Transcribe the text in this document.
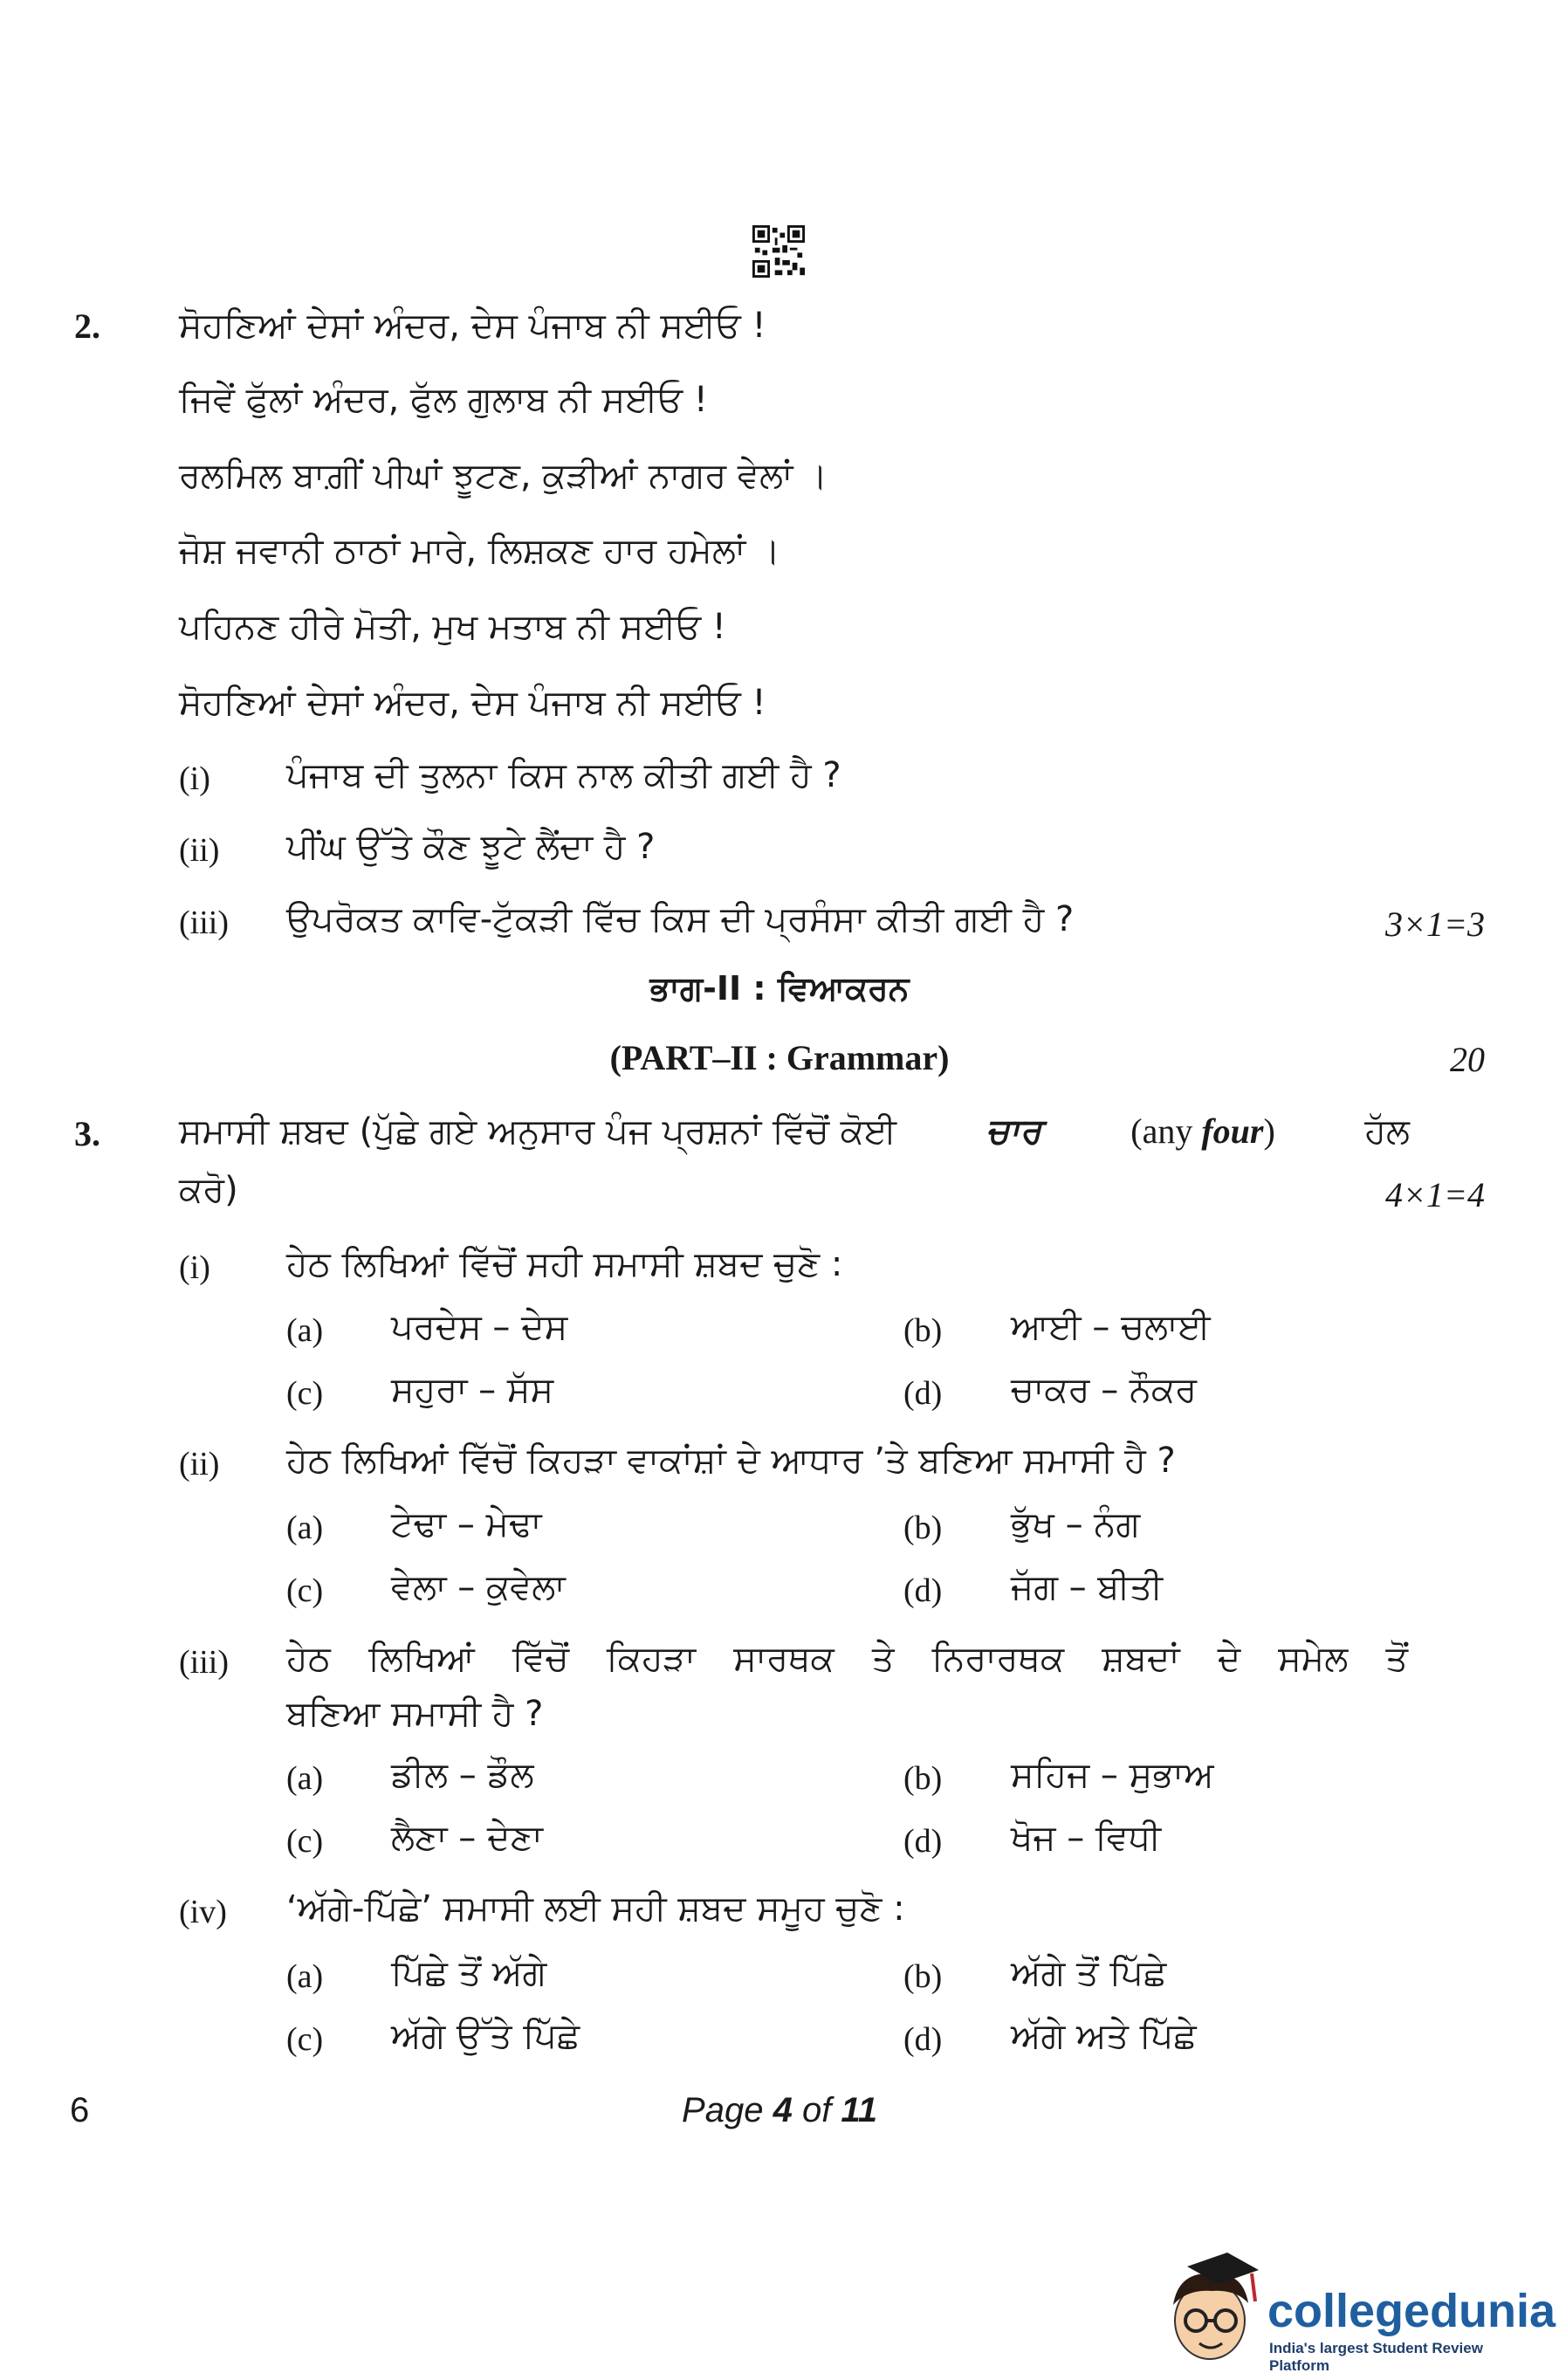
2. ਸੋਹਣਿਆਂ ਦੇਸਾਂ ਅੰਦਰ, ਦੇਸ ਪੰਜਾਬ ਨੀ ਸਈਓ !
ਜਿਵੇਂ ਫੁੱਲਾਂ ਅੰਦਰ, ਫੁੱਲ ਗੁਲਾਬ ਨੀ ਸਈਓ !
ਰਲਮਿਲ ਬਾਗ਼ੀਂ ਪੀਘਾਂ ਝੂਟਣ, ਕੁੜੀਆਂ ਨਾਗਰ ਵੇਲਾਂ ।
ਜੋਸ਼ ਜਵਾਨੀ ਠਾਠਾਂ ਮਾਰੇ, ਲਿਸ਼ਕਣ ਹਾਰ ਹਮੇਲਾਂ ।
ਪਹਿਨਣ ਹੀਰੇ ਮੋਤੀ, ਮੁਖ ਮਤਾਬ ਨੀ ਸਈਓ !
ਸੋਹਣਿਆਂ ਦੇਸਾਂ ਅੰਦਰ, ਦੇਸ ਪੰਜਾਬ ਨੀ ਸਈਓ !
(i) ਪੰਜਾਬ ਦੀ ਤੁਲਨਾ ਕਿਸ ਨਾਲ ਕੀਤੀ ਗਈ ਹੈ ?
(ii) ਪੀਂਘ ਉੱਤੇ ਕੌਣ ਝੂਟੇ ਲੈਂਦਾ ਹੈ ?
(iii) ਉਪਰੋਕਤ ਕਾਵਿ-ਟੁੱਕੜੀ ਵਿੱਚ ਕਿਸ ਦੀ ਪ੍ਰਸੰਸਾ ਕੀਤੀ ਗਈ ਹੈ ?	3×1=3
ਭਾਗ-II : ਵਿਆਕਰਨ
(PART–II : Grammar)	20
3. ਸਮਾਸੀ ਸ਼ਬਦ (ਪੁੱਛੇ ਗਏ ਅਨੁਸਾਰ ਪੰਜ ਪ੍ਰਸ਼ਨਾਂ ਵਿੱਚੋਂ ਕੋਈ	ਚਾਰ	(any four)	ਹੱਲ
ਕਰੋ)	4×1=4
(i) ਹੇਠ ਲਿਖਿਆਂ ਵਿੱਚੋਂ ਸਹੀ ਸਮਾਸੀ ਸ਼ਬਦ ਚੁਣੋ :
(a) ਪਰਦੇਸ – ਦੇਸ	(b) ਆਈ – ਚਲਾਈ
(c) ਸਹੁਰਾ – ਸੱਸ	(d) ਚਾਕਰ – ਨੌਕਰ
(ii) ਹੇਠ ਲਿਖਿਆਂ ਵਿੱਚੋਂ ਕਿਹੜਾ ਵਾਕਾਂਸ਼ਾਂ ਦੇ ਆਧਾਰ ’ਤੇ ਬਣਿਆ ਸਮਾਸੀ ਹੈ ?
(a) ਟੇਢਾ – ਮੇਢਾ	(b) ਭੁੱਖ – ਨੰਗ
(c) ਵੇਲਾ – ਕੁਵੇਲਾ	(d) ਜੱਗ – ਬੀਤੀ
(iii) ਹੇਠ ਲਿਖਿਆਂ ਵਿੱਚੋਂ ਕਿਹੜਾ ਸਾਰਥਕ ਤੇ ਨਿਰਾਰਥਕ ਸ਼ਬਦਾਂ ਦੇ ਸਮੇਲ ਤੋਂ
ਬਣਿਆ ਸਮਾਸੀ ਹੈ ?
(a) ਡੀਲ – ਡੌਲ	(b) ਸਹਿਜ – ਸੁਭਾਅ
(c) ਲੈਣਾ – ਦੇਣਾ	(d) ਖੋਜ – ਵਿਧੀ
(iv) ‘ਅੱਗੇ-ਪਿੱਛੇ’ ਸਮਾਸੀ ਲਈ ਸਹੀ ਸ਼ਬਦ ਸਮੂਹ ਚੁਣੋ :
(a) ਪਿੱਛੇ ਤੋਂ ਅੱਗੇ	(b) ਅੱਗੇ ਤੋਂ ਪਿੱਛੇ
(c) ਅੱਗੇ ਉੱਤੇ ਪਿੱਛੇ	(d) ਅੱਗੇ ਅਤੇ ਪਿੱਛੇ
6	Page 4 of 11
collegedunia
India's largest Student Review Platform
